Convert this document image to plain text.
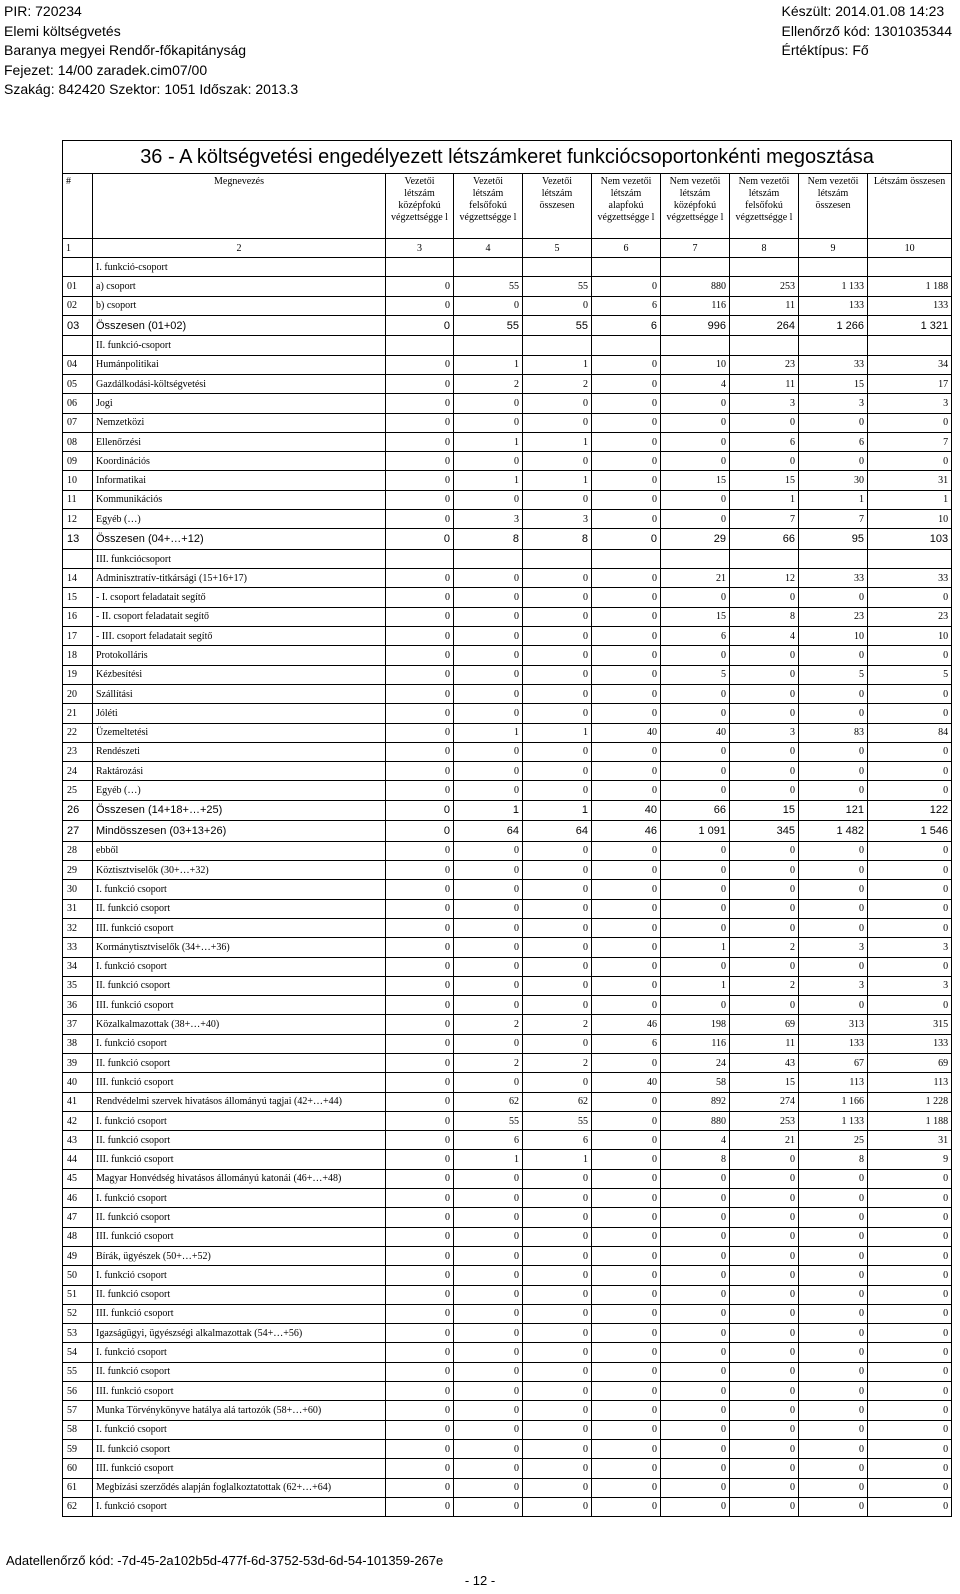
PIR: 720234
Elemi költségvetés
Baranya megyei Rendőr-főkapitányság
Fejezet: 14/00 zaradek.cim07/00
Szakág: 842420 Szektor: 1051 Időszak: 2013.3
Készült: 2014.01.08 14:23
Ellenőrző kód: 1301035344
Értéktípus: Fő
36 - A költségvetési engedélyezett létszámkeret funkciócsoportonkénti megosztása									
#	Megnevezés	Vezetői létszám középfokú végzettségge l	Vezetői létszám felsőfokú végzettségge l	Vezetői létszám összesen	Nem vezetői létszám alapfokú végzettségge l	Nem vezetői létszám középfokú végzettségge l	Nem vezetői létszám felsőfokú végzettségge l	Nem vezetői létszám összesen	Létszám összesen
1	2	3	4	5	6	7	8	9	10
	I. funkció-csoport								
01	a) csoport	0	55	55	0	880	253	1 133	1 188
02	b) csoport	0	0	0	6	116	11	133	133
03	Összesen (01+02)	0	55	55	6	996	264	1 266	1 321
	II. funkció-csoport								
04	Humánpolitikai	0	1	1	0	10	23	33	34
05	Gazdálkodási-költségvetési	0	2	2	0	4	11	15	17
06	Jogi	0	0	0	0	0	3	3	3
07	Nemzetközi	0	0	0	0	0	0	0	0
08	Ellenőrzési	0	1	1	0	0	6	6	7
09	Koordinációs	0	0	0	0	0	0	0	0
10	Informatikai	0	1	1	0	15	15	30	31
11	Kommunikációs	0	0	0	0	0	1	1	1
12	Egyéb (…)	0	3	3	0	0	7	7	10
13	Összesen (04+…+12)	0	8	8	0	29	66	95	103
	III. funkciócsoport								
14	Adminisztratív-titkársági (15+16+17)	0	0	0	0	21	12	33	33
15	- I. csoport feladatait segítő	0	0	0	0	0	0	0	0
16	- II. csoport feladatait segítő	0	0	0	0	15	8	23	23
17	- III. csoport feladatait segítő	0	0	0	0	6	4	10	10
18	Protokolláris	0	0	0	0	0	0	0	0
19	Kézbesítési	0	0	0	0	5	0	5	5
20	Szállítási	0	0	0	0	0	0	0	0
21	Jóléti	0	0	0	0	0	0	0	0
22	Üzemeltetési	0	1	1	40	40	3	83	84
23	Rendészeti	0	0	0	0	0	0	0	0
24	Raktározási	0	0	0	0	0	0	0	0
25	Egyéb (…)	0	0	0	0	0	0	0	0
26	Összesen (14+18+…+25)	0	1	1	40	66	15	121	122
27	Mindösszesen (03+13+26)	0	64	64	46	1 091	345	1 482	1 546
28	ebből	0	0	0	0	0	0	0	0
29	Köztisztviselők (30+…+32)	0	0	0	0	0	0	0	0
30	I. funkció csoport	0	0	0	0	0	0	0	0
31	II. funkció csoport	0	0	0	0	0	0	0	0
32	III. funkció csoport	0	0	0	0	0	0	0	0
33	Kormánytisztviselők (34+…+36)	0	0	0	0	1	2	3	3
34	I. funkció csoport	0	0	0	0	0	0	0	0
35	II. funkció csoport	0	0	0	0	1	2	3	3
36	III. funkció csoport	0	0	0	0	0	0	0	0
37	Közalkalmazottak (38+…+40)	0	2	2	46	198	69	313	315
38	I. funkció csoport	0	0	0	6	116	11	133	133
39	II. funkció csoport	0	2	2	0	24	43	67	69
40	III. funkció csoport	0	0	0	40	58	15	113	113
41	Rendvédelmi szervek hivatásos állományú tagjai (42+…+44)	0	62	62	0	892	274	1 166	1 228
42	I. funkció csoport	0	55	55	0	880	253	1 133	1 188
43	II. funkció csoport	0	6	6	0	4	21	25	31
44	III. funkció csoport	0	1	1	0	8	0	8	9
45	Magyar Honvédség hivatásos állományú katonái (46+…+48)	0	0	0	0	0	0	0	0
46	I. funkció csoport	0	0	0	0	0	0	0	0
47	II. funkció csoport	0	0	0	0	0	0	0	0
48	III. funkció csoport	0	0	0	0	0	0	0	0
49	Bírák, ügyészek (50+…+52)	0	0	0	0	0	0	0	0
50	I. funkció csoport	0	0	0	0	0	0	0	0
51	II. funkció csoport	0	0	0	0	0	0	0	0
52	III. funkció csoport	0	0	0	0	0	0	0	0
53	Igazságügyi, ügyészségi alkalmazottak (54+…+56)	0	0	0	0	0	0	0	0
54	I. funkció csoport	0	0	0	0	0	0	0	0
55	II. funkció csoport	0	0	0	0	0	0	0	0
56	III. funkció csoport	0	0	0	0	0	0	0	0
57	Munka Törvénykönyve hatálya alá tartozók (58+…+60)	0	0	0	0	0	0	0	0
58	I. funkció csoport	0	0	0	0	0	0	0	0
59	II. funkció csoport	0	0	0	0	0	0	0	0
60	III. funkció csoport	0	0	0	0	0	0	0	0
61	Megbízási szerződés alapján foglalkoztatottak (62+…+64)	0	0	0	0	0	0	0	0
62	I. funkció csoport	0	0	0	0	0	0	0	0
Adatellenőrző kód: -7d-45-2a102b5d-477f-6d-3752-53d-6d-54-101359-267e
- 12 -
